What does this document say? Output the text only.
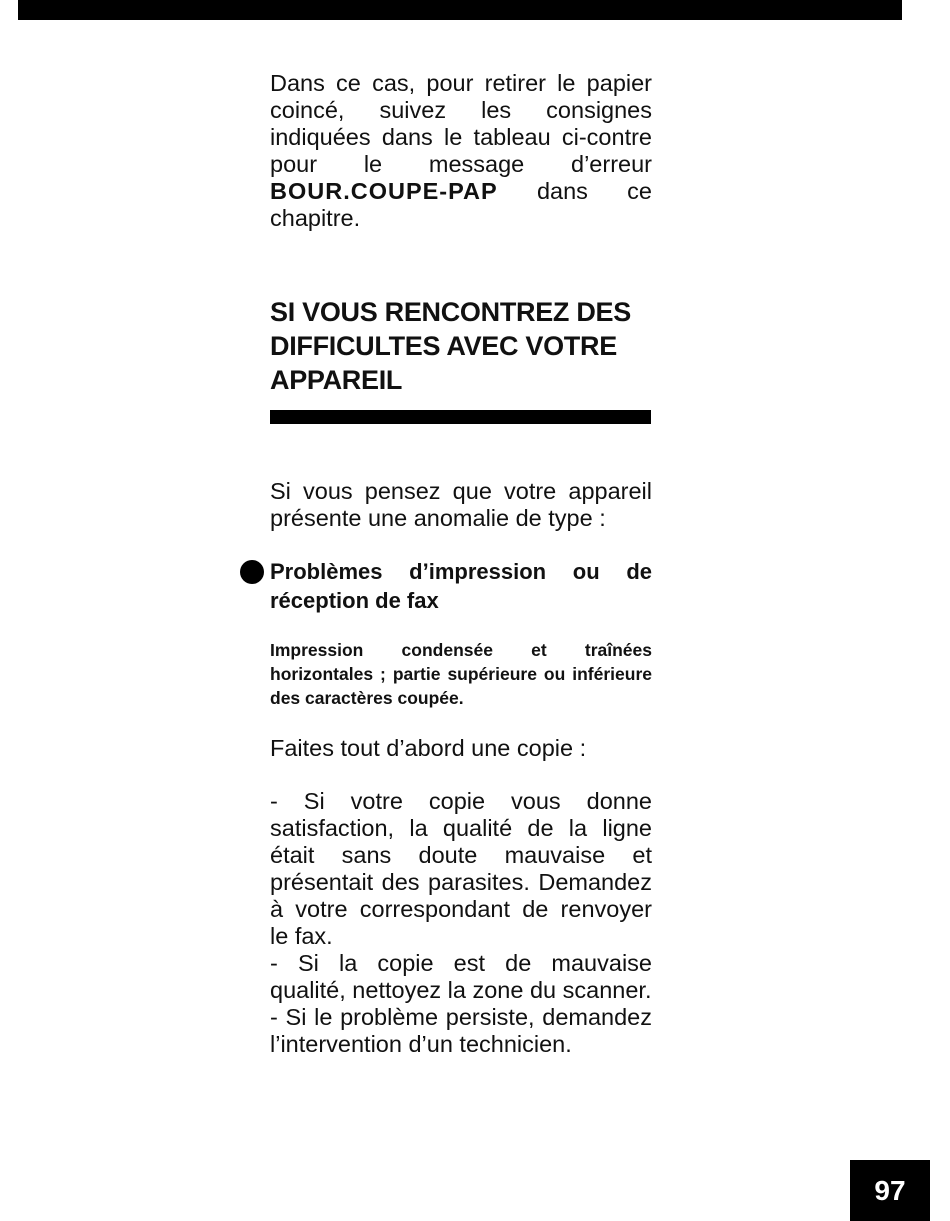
Dans ce cas, pour retirer le papier coincé, suivez les consignes indiquées dans le tableau ci-contre pour le message d’erreur BOUR.COUPE-PAP dans ce chapitre.

SI VOUS RENCONTREZ DES DIFFICULTES AVEC VOTRE APPAREIL

Si vous pensez que votre appareil présente une anomalie de type :

Problèmes d’impression ou de réception de fax

Impression condensée et traînées horizontales ; partie supérieure ou inférieure des caractères coupée.

Faites tout d’abord une copie :

- Si votre copie vous donne satisfaction, la qualité de la ligne était sans doute mauvaise et présentait des parasites. Demandez à votre correspondant de renvoyer le fax.

- Si la copie est de mauvaise qualité, nettoyez la zone du scanner.

- Si le problème persiste, demandez l’intervention d’un technicien.

97
